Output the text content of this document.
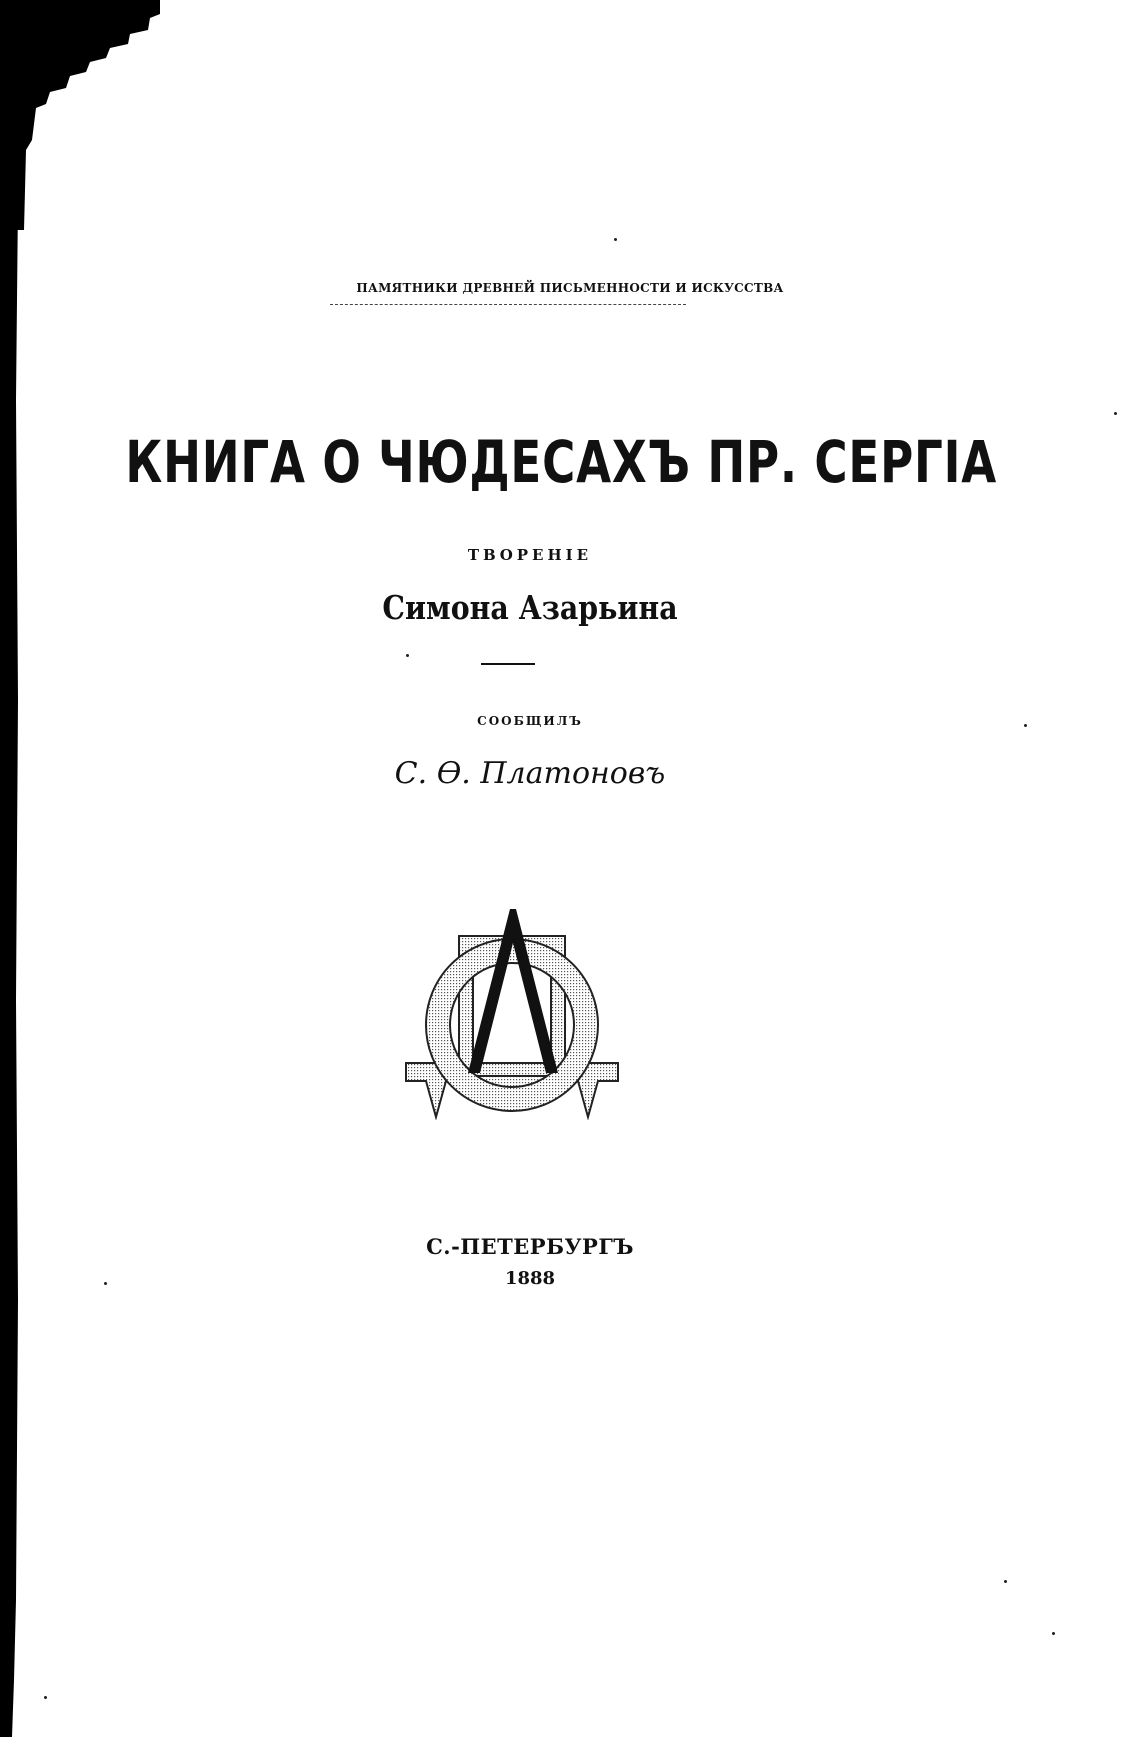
ПАМЯТНИКИ ДРЕВНЕЙ ПИСЬМЕННОСТИ И ИСКУССТВА
КНИГА О ЧЮДЕСАХЪ ПР. СЕРГІА
ТВОРЕНІЕ
Симона Азарьина
СООБЩИЛЪ
С. Ѳ. Платоновъ
С.-ПЕТЕРБУРГЪ
1888
